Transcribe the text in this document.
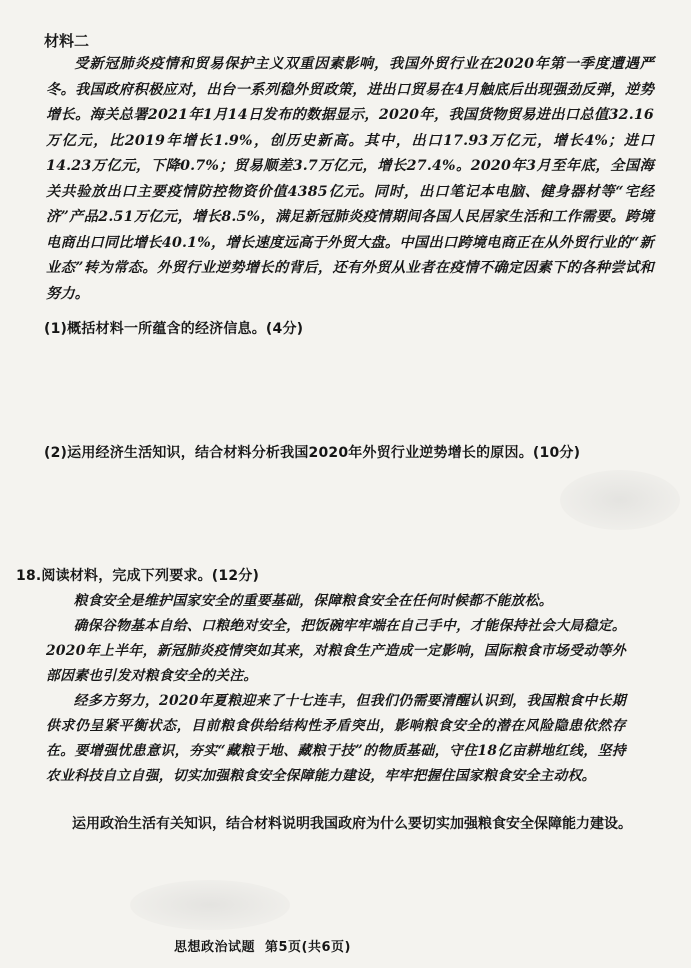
材料二
受新冠肺炎疫情和贸易保护主义双重因素影响，我国外贸行业在2020年第一季度遭遇严冬。我国政府积极应对，出台一系列稳外贸政策，进出口贸易在4月触底后出现强劲反弹，逆势增长。海关总署2021年1月14日发布的数据显示，2020年，我国货物贸易进出口总值32.16万亿元，比2019年增长1.9%，创历史新高。其中，出口17.93万亿元，增长4%；进口14.23万亿元，下降0.7%；贸易顺差3.7万亿元，增长27.4%。2020年3月至年底，全国海关共验放出口主要疫情防控物资价值4385亿元。同时，出口笔记本电脑、健身器材等“宅经济”产品2.51万亿元，增长8.5%，满足新冠肺炎疫情期间各国人民居家生活和工作需要。跨境电商出口同比增长40.1%，增长速度远高于外贸大盘。中国出口跨境电商正在从外贸行业的“新业态”转为常态。外贸行业逆势增长的背后，还有外贸从业者在疫情不确定因素下的各种尝试和努力。
(1)概括材料一所蕴含的经济信息。(4分)
(2)运用经济生活知识，结合材料分析我国2020年外贸行业逆势增长的原因。(10分)
18.阅读材料，完成下列要求。(12分)
粮食安全是维护国家安全的重要基础，保障粮食安全在任何时候都不能放松。
确保谷物基本自给、口粮绝对安全，把饭碗牢牢端在自己手中，才能保持社会大局稳定。2020年上半年，新冠肺炎疫情突如其来，对粮食生产造成一定影响，国际粮食市场受动等外部因素也引发对粮食安全的关注。
经多方努力，2020年夏粮迎来了十七连丰，但我们仍需要清醒认识到，我国粮食中长期供求仍呈紧平衡状态，目前粮食供给结构性矛盾突出，影响粮食安全的潜在风险隐患依然存在。要增强忧患意识，夯实“藏粮于地、藏粮于技”的物质基础，守住18亿亩耕地红线，坚持农业科技自立自强，切实加强粮食安全保障能力建设，牢牢把握住国家粮食安全主动权。
运用政治生活有关知识，结合材料说明我国政府为什么要切实加强粮食安全保障能力建设。
思想政治试题 第5页(共6页)
